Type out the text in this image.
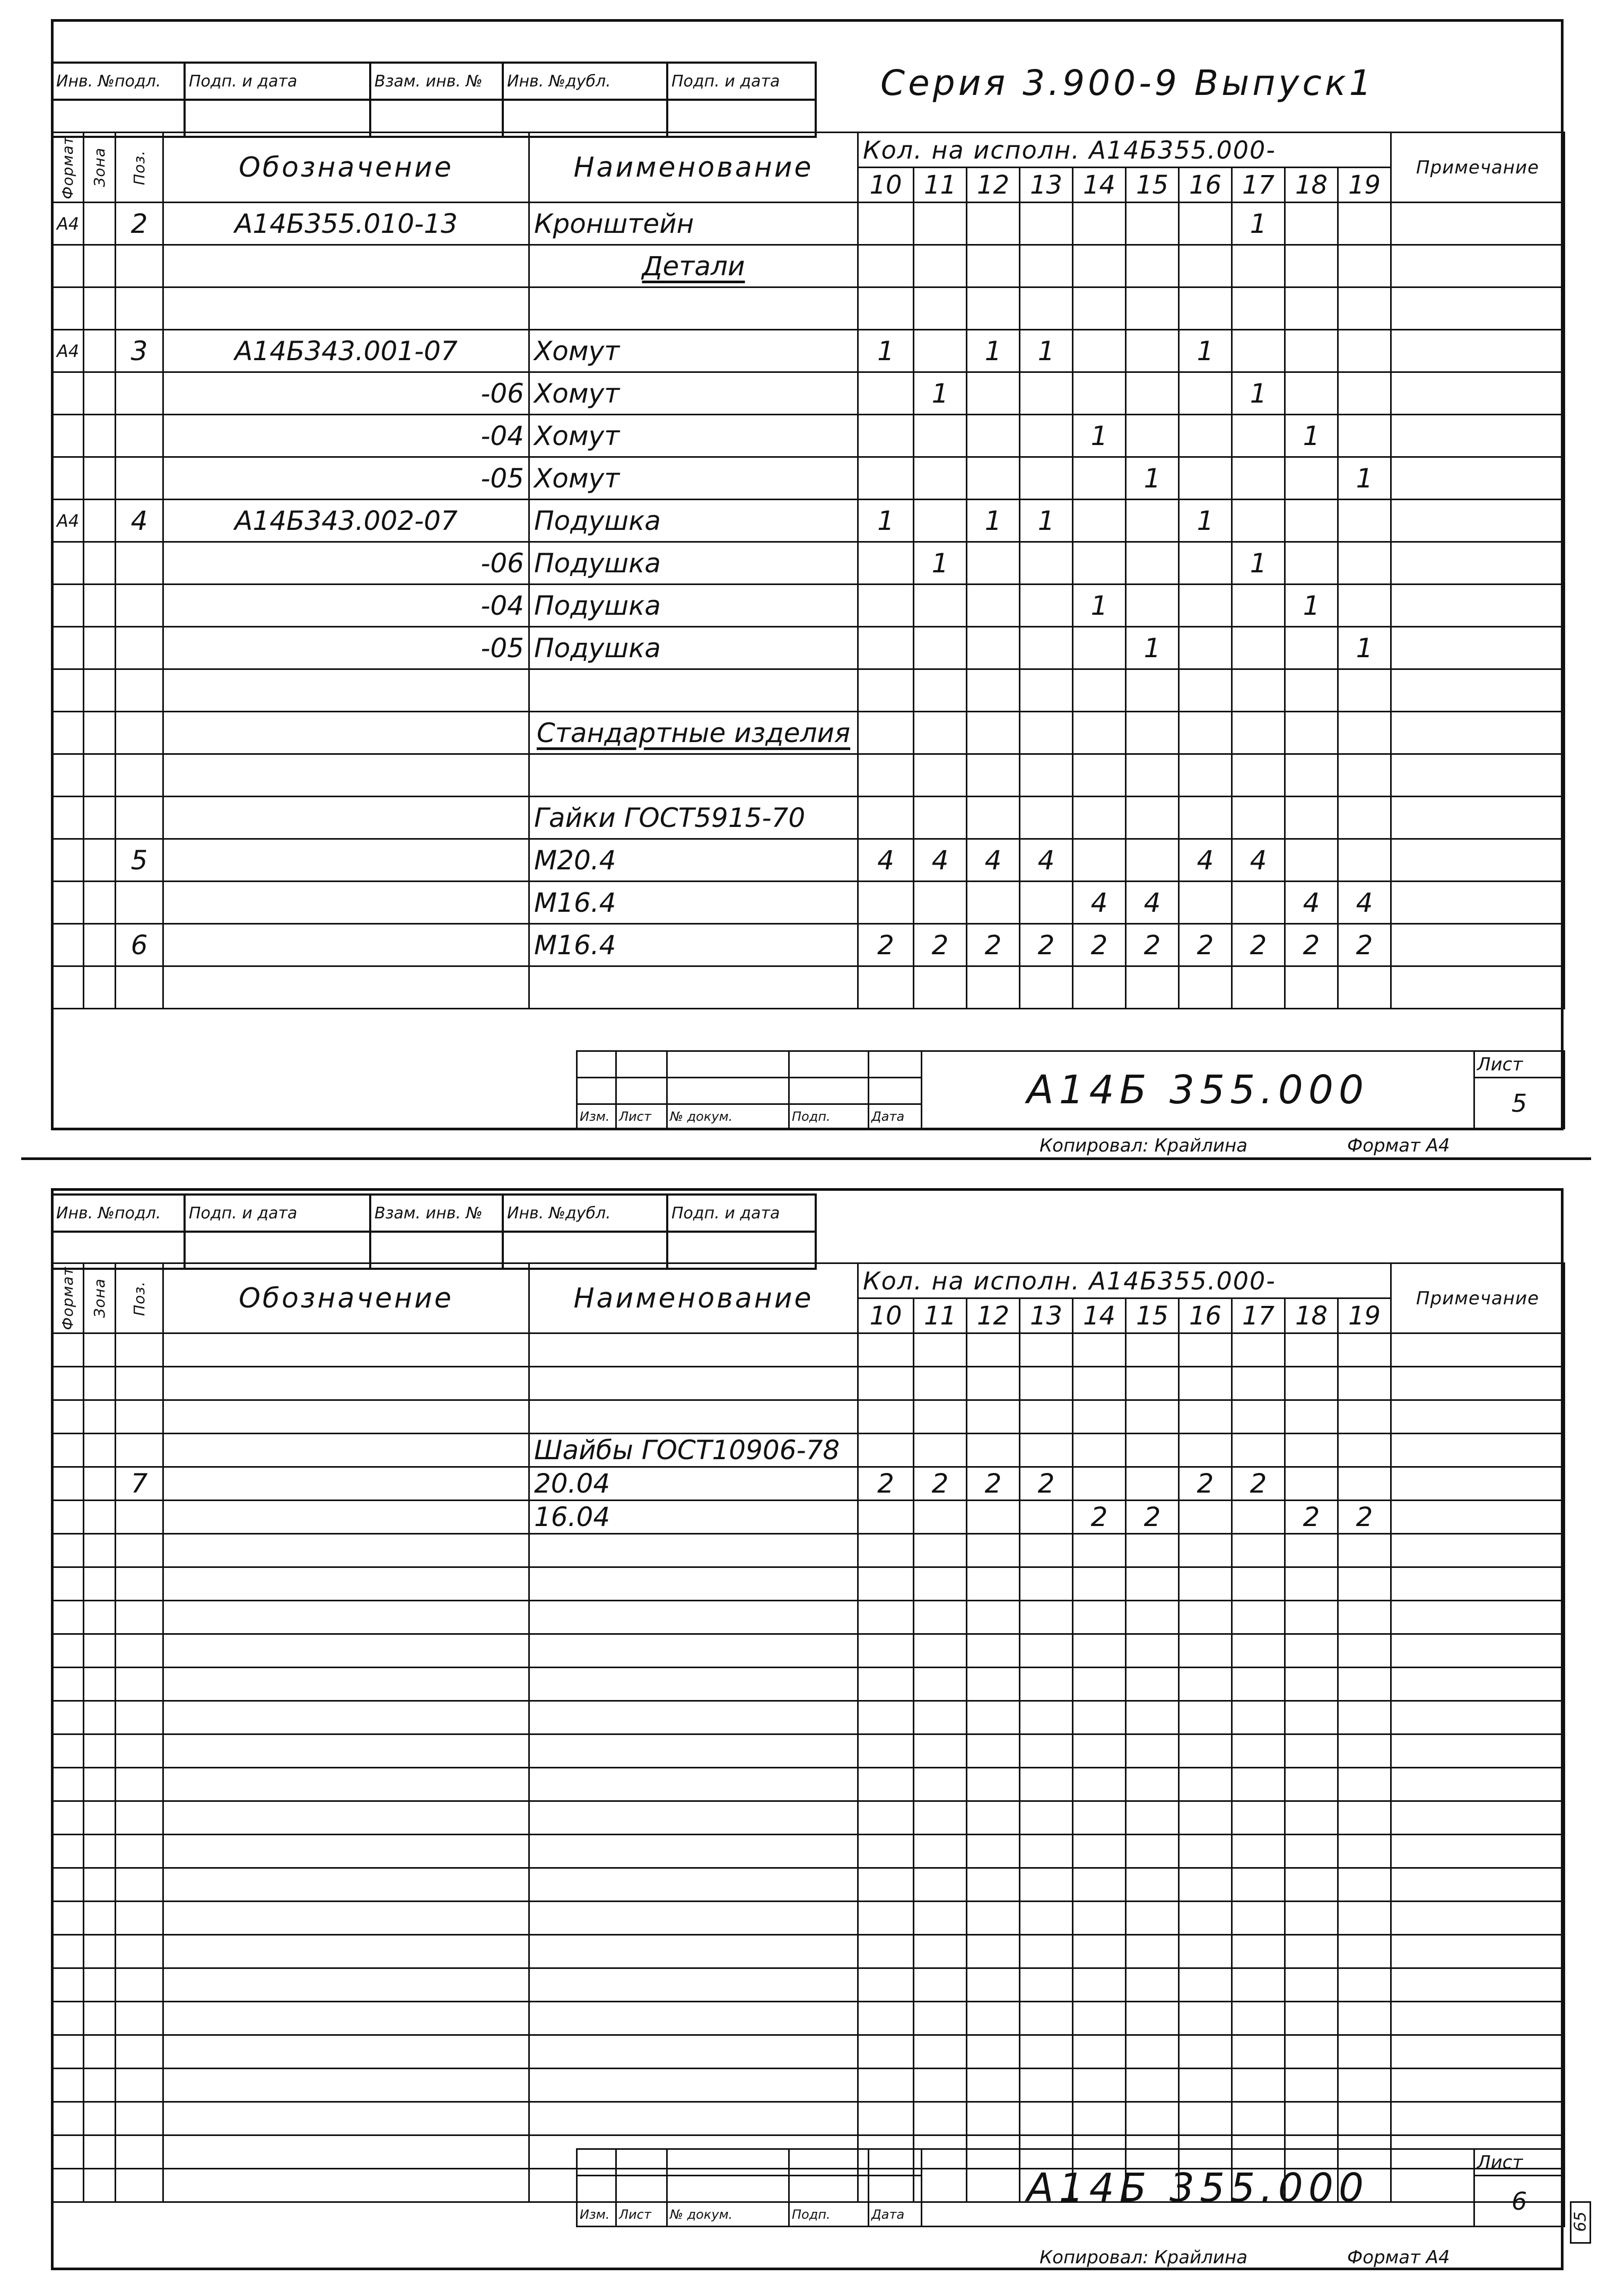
Инв. №подл.	Подп. и дата	Взам. инв. №	Инв. №дубл.	Подп. и дата
					Серия 3.900-9 Выпуск1
Формат	Зона	Поз.	Обозначение	Наименование	Кол. на исполн. А14Б355.000-										Примечание
					10	11	12	13	14	15	16	17	18	19	
А4		2	А14Б355.010-13	Кронштейн								1			
				Детали											

А4		3	А14Б343.001-07	Хомут	1		1	1			1				
			-06	Хомут		1						1			
			-04	Хомут					1				1		
			-05	Хомут						1				1	
А4		4	А14Б343.002-07	Подушка	1		1	1			1				
			-06	Подушка		1						1			
			-04	Подушка					1				1		
			-05	Подушка						1				1	

				Стандартные изделия											

				Гайки ГОСТ5915-70											
		5		М20.4	4	4	4	4			4	4			
				М16.4					4	4			4	4	
		6		М16.4	2	2	2	2	2	2	2	2	2	2	

					А14Б 355.000	Лист
						5
Изм.	Лист	№ докум.	Подп.	Дата		
Копировал: Крайлина	Формат А4
Инв. №подл.	Подп. и дата	Взам. инв. №	Инв. №дубл.	Подп. и дата

Формат	Зона	Поз.	Обозначение	Наименование	Кол. на исполн. А14Б355.000-										Примечание
					10	11	12	13	14	15	16	17	18	19	

				Шайбы ГОСТ10906-78											
		7		20.04	2	2	2	2			2	2			
				16.04					2	2			2	2	

					А14Б 355.000	Лист
						6
Изм.	Лист	№ докум.	Подп.	Дата		
Копировал: Крайлина	Формат А4
65
